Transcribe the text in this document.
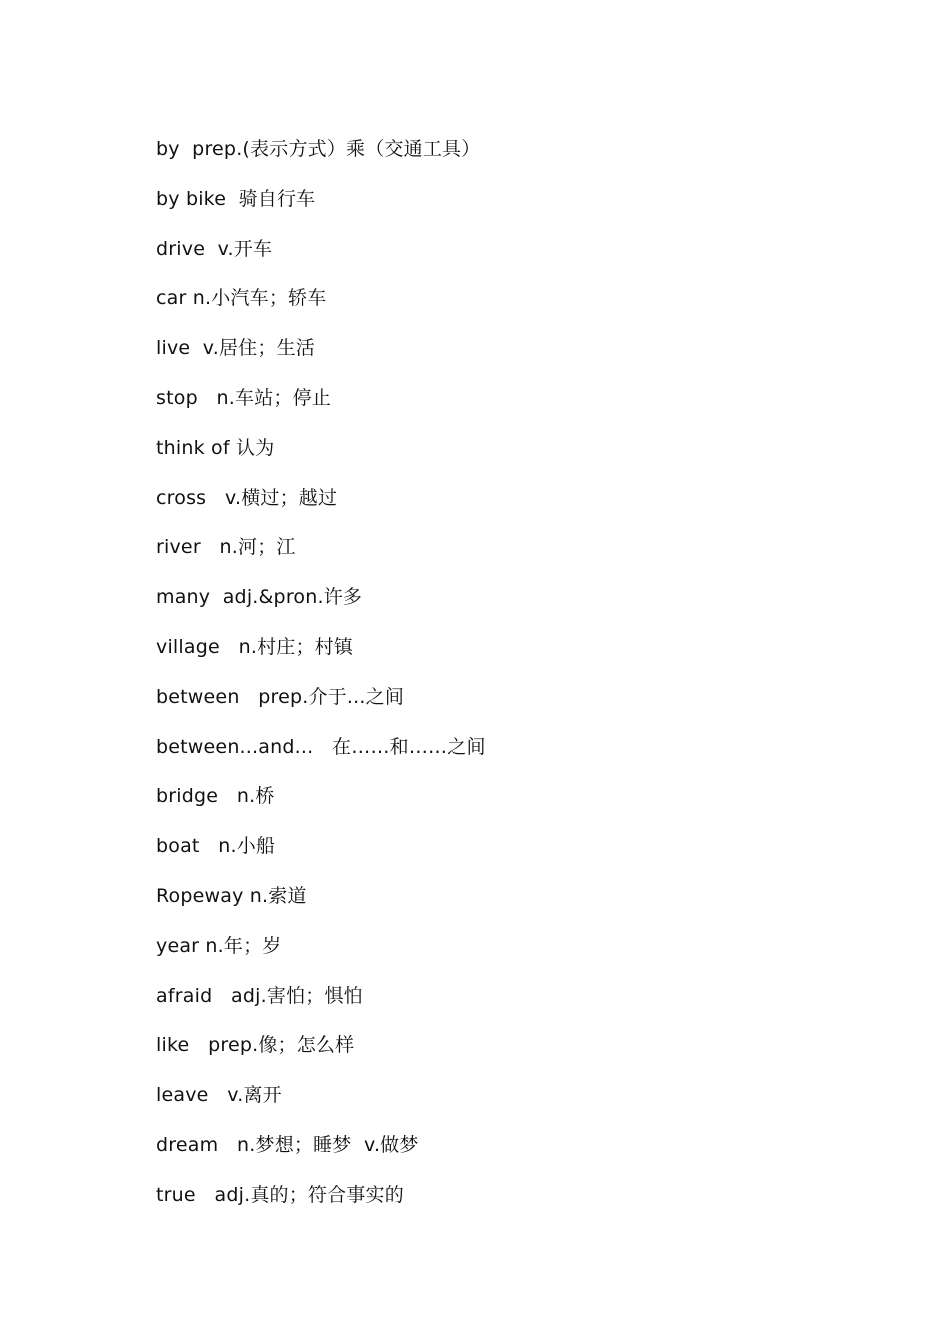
by  prep.(表示方式）乘（交通工具）
by bike  骑自行车
drive  v.开车
car n.小汽车；轿车
live  v.居住；生活
stop   n.车站；停止
think of 认为
cross   v.横过；越过
river   n.河；江
many  adj.&pron.许多
village   n.村庄；村镇
between   prep.介于...之间
between...and...   在……和……之间
bridge   n.桥
boat   n.小船
Ropeway n.索道
year n.年；岁
afraid   adj.害怕；惧怕
like   prep.像；怎么样
leave   v.离开
dream   n.梦想；睡梦  v.做梦
true   adj.真的；符合事实的
